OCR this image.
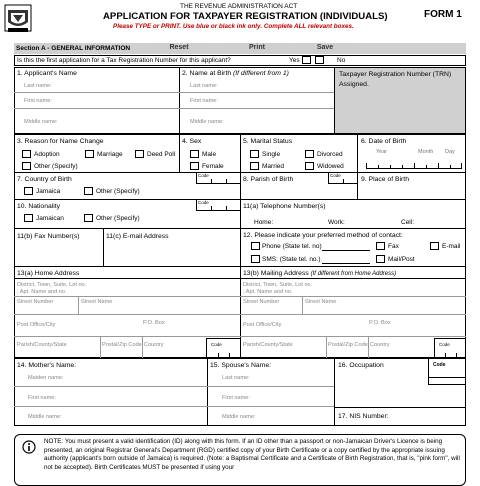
THE REVENUE ADMINISTRATION ACT
APPLICATION FOR TAXPAYER REGISTRATION (INDIVIDUALS)	FORM 1
Please TYPE or PRINT. Use blue or black ink only. Complete ALL relevant boxes.
Section A - GENERAL INFORMATION	Reset	Print	Save
Is this the first application for a Tax Registration Number for this applicant?	Yes	No
1. Applicant's Name
Last name:
First name:
Middle name:
2. Name at Birth (If different from 1)
Last name:
First name:
Middle name:
Taxpayer Registration Number (TRN) Assigned.
3. Reason for Name Change
Adoption	Marriage	Deed Poll
Other (Specify)
4. Sex
Male
Female
5. Marital Status
Single	Divorced
Married	Widowed
6. Date of Birth
Year	Month Day
7. Country of Birth
Jamaica	Other (Specify)
Code
8. Parish of Birth
Code
9. Place of Birth
10. Nationality
Jamaican	Other (Specify)
Code
11(a) Telephone Number(s)
Home:	Work:	Cell:
11(b) Fax Number(s)	11(c) E-mail Address	12. Please indicate your preferred method of contact:
Phone (State tel. no)	Fax	E-mail
SMS: (State tel. no.)	Mail/Post
13(a) Home Address
District, Town, Suite, Lot no.
, Apt. Name and no.
Street Number	Street Name
Post Office/City	P.O. Box
Parish/County/State	Postal/Zip Code Country	Code
13(b) Mailing Address (If different from Home Address)
District, Town, Suite, Lot no.
, Apt. Name and no.
Street Number	Street Name
Post Office/City	P.O. Box
Parish/County/State	Postal/Zip Code Country	Code
14. Mother's Name:
Maiden name:
First name:
Middle name:
15. Spouse's Name:
Last name:
First name:
Middle name:
16. Occupation	Code
17. NIS Number:
NOTE: You must present a valid identification (ID) along with this form. If an ID other than a passport or non-Jamaican Driver's Licence is being presented, an original Registrar General's Department (RGD) certified copy of your Birth Certificate or a copy certified by the appropriate issuing authority (applicant's born outside of Jamaica) is required. (Note: a Baptismal Certificate and a Certificate of Birth Registration, that is, "pink form", will not be accepted). Birth Certificates MUST be presented if using your
